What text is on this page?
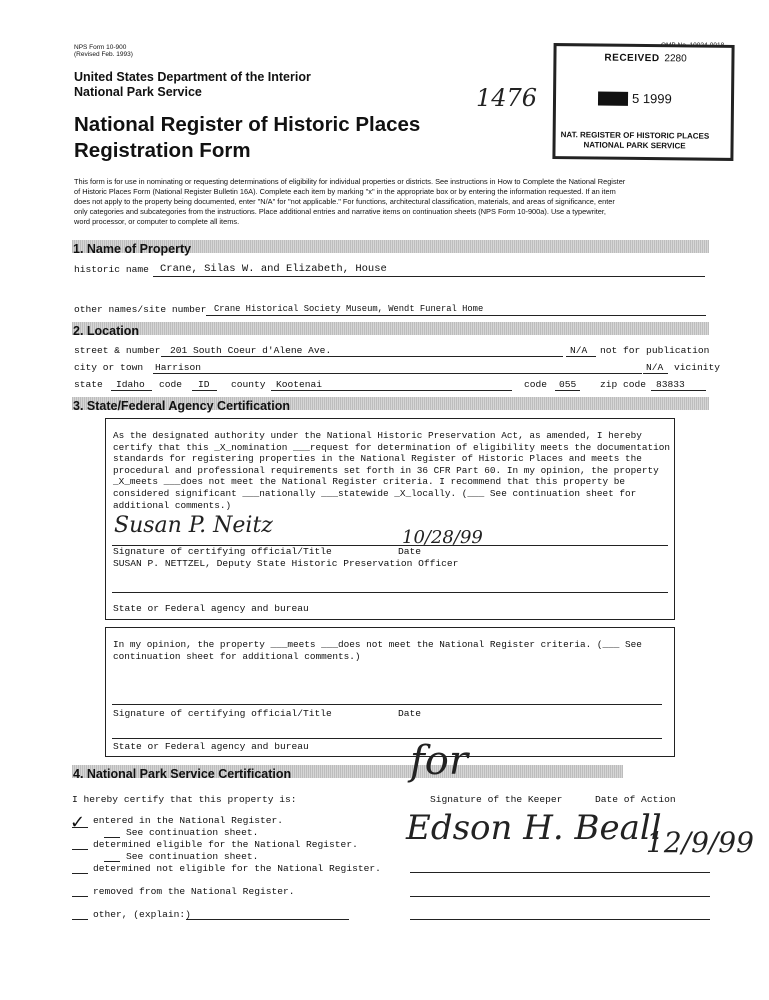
NPS Form 10-900
(Revised Feb. 1993)
OMB No. 10024-0018
United States Department of the Interior
National Park Service
National Register of Historic Places
Registration Form
RECEIVED 2280
5 1999
NAT. REGISTER OF HISTORIC PLACES
NATIONAL PARK SERVICE
1476
This form is for use in nominating or requesting determinations of eligibility for individual properties or districts. See instructions in How to Complete the National Register
of Historic Places Form (National Register Bulletin 16A). Complete each item by marking "x" in the appropriate box or by entering the information requested. If an item
does not apply to the property being documented, enter "N/A" for "not applicable." For functions, architectural classification, materials, and areas of significance, enter
only categories and subcategories from the instructions. Place additional entries and narrative items on continuation sheets (NPS Form 10-900a). Use a typewriter,
word processor, or computer to complete all items.
1. Name of Property
historic name Crane, Silas W. and Elizabeth, House
other names/site number Crane Historical Society Museum, Wendt Funeral Home
2. Location
street & number 201 South Coeur d'Alene Ave.	N/A not for publication
city or town Harrison	N/A vicinity
state Idaho code ID county Kootenai	code 055 zip code 83833
3. State/Federal Agency Certification
As the designated authority under the National Historic Preservation Act, as amended, I hereby
certify that this _X_nomination ___request for determination of eligibility meets the documentation
standards for registering properties in the National Register of Historic Places and meets the
procedural and professional requirements set forth in 36 CFR Part 60. In my opinion, the property
_X_meets ___does not meet the National Register criteria. I recommend that this property be
considered significant ___nationally ___statewide _X_locally. (___ See continuation sheet for
additional comments.)
Susan P. Neitz	10/28/99
Signature of certifying official/Title	Date
SUSAN P. NETTZEL, Deputy State Historic Preservation Officer
State or Federal agency and bureau
In my opinion, the property ___meets ___does not meet the National Register criteria. (___ See
continuation sheet for additional comments.)
Signature of certifying official/Title	Date
State or Federal agency and bureau
4. National Park Service Certification
I hereby certify that this property is:	Signature of the Keeper	Date of Action
for
Edson H. Beall
12/9/99
✓ entered in the National Register.
See continuation sheet.
determined eligible for the National Register.
See continuation sheet.
determined not eligible for the National Register.
removed from the National Register.
other, (explain:)
